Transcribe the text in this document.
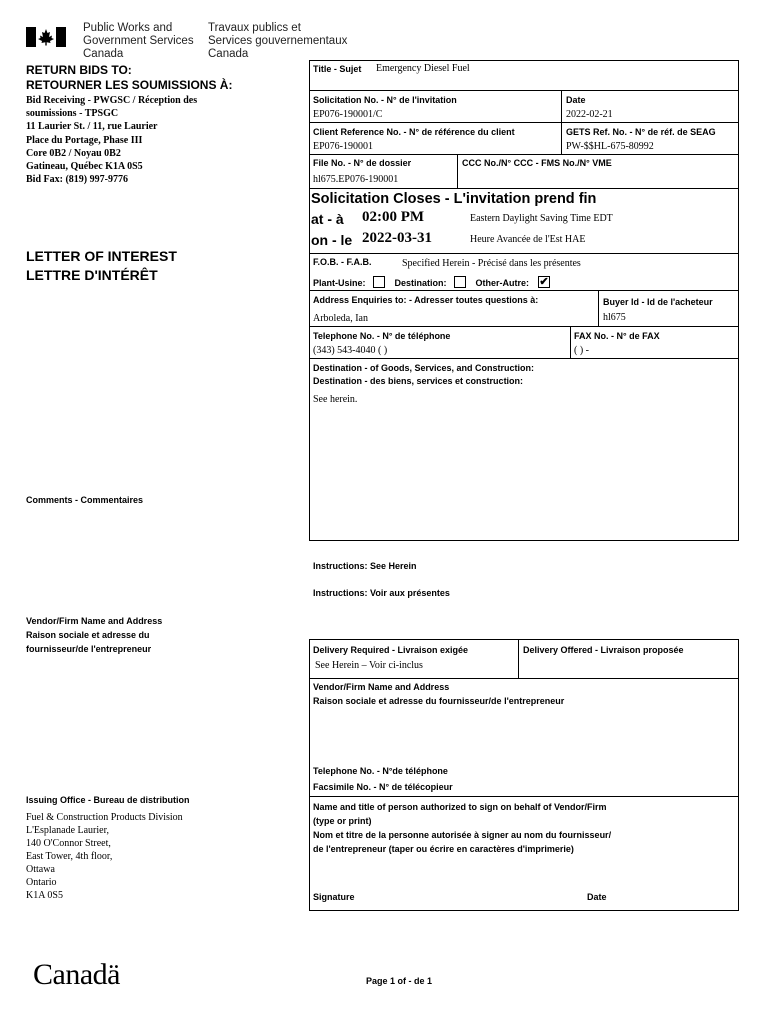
Public Works and
Government Services
Canada
Travaux publics et
Services gouvernementaux
Canada
RETURN BIDS TO:
RETOURNER LES SOUMISSIONS À:
Bid Receiving - PWGSC / Réception des
soumissions - TPSGC
11 Laurier St. / 11, rue Laurier
Place du Portage, Phase III
Core 0B2 / Noyau 0B2
Gatineau, Québec K1A 0S5
Bid Fax: (819) 997-9776
LETTER OF INTEREST
LETTRE D'INTÉRÊT
Comments - Commentaires
Vendor/Firm Name and Address
Raison sociale et adresse du
fournisseur/de l'entrepreneur
Issuing Office - Bureau de distribution
Fuel & Construction Products Division
L'Esplanade Laurier,
140 O'Connor Street,
East Tower, 4th floor,
Ottawa
Ontario
K1A 0S5
Title - Sujet Emergency Diesel Fuel
Solicitation No. - N° de l'invitation
EP076-190001/C
Date
2022-02-21
Client Reference No. - N° de référence du client
EP076-190001
GETS Ref. No. - N° de réf. de SEAG
PW-$$HL-675-80992
File No. - N° de dossier
hl675.EP076-190001
CCC No./N° CCC - FMS No./N° VME
Solicitation Closes - L'invitation prend fin
at - à 02:00 PM	Eastern Daylight Saving Time EDT
on - le 2022-03-31	Heure Avancée de l'Est HAE
F.O.B. - F.A.B.	Specified Herein - Précisé dans les présentes
Plant-Usine:	Destination:	Other-Autre: ✔
Address Enquiries to: - Adresser toutes questions à:
Arboleda, Ian
Buyer Id - Id de l'acheteur
hl675
Telephone No. - N° de téléphone
(343) 543-4040 ( )
FAX No. - N° de FAX
( ) -
Destination - of Goods, Services, and Construction:
Destination - des biens, services et construction:
See herein.
Instructions: See Herein
Instructions: Voir aux présentes
Delivery Required - Livraison exigée
See Herein – Voir ci-inclus
Delivery Offered - Livraison proposée
Vendor/Firm Name and Address
Raison sociale et adresse du fournisseur/de l'entrepreneur
Telephone No. - N°de téléphone
Facsimile No. - N° de télécopieur
Name and title of person authorized to sign on behalf of Vendor/Firm
(type or print)
Nom et titre de la personne autorisée à signer au nom du fournisseur/
de l'entrepreneur (taper ou écrire en caractères d'imprimerie)
Signature	Date
Canadä	Page 1 of - de 1
